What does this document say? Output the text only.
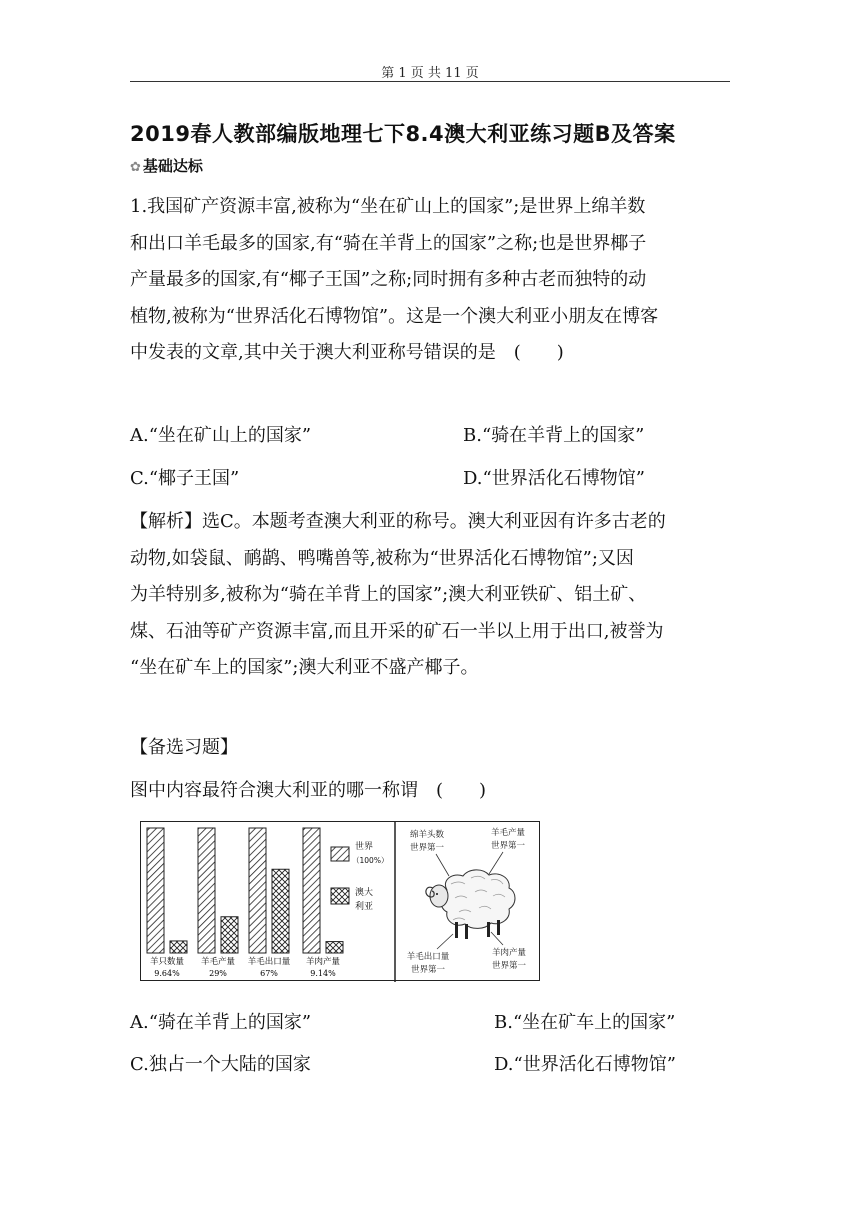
第 1 页 共 11 页
2019春人教部编版地理七下8.4澳大利亚练习题B及答案
✿ 基础达标

1.我国矿产资源丰富,被称为“坐在矿山上的国家”;是世界上绵羊数

和出口羊毛最多的国家,有“骑在羊背上的国家”之称;也是世界椰子

产量最多的国家,有“椰子王国”之称;同时拥有多种古老而独特的动

植物,被称为“世界活化石博物馆”。这是一个澳大利亚小朋友在博客

中发表的文章,其中关于澳大利亚称号错误的是　(　　)

A.“坐在矿山上的国家”	B.“骑在羊背上的国家”
C.“椰子王国”	D.“世界活化石博物馆”

【解析】选C。本题考查澳大利亚的称号。澳大利亚因有许多古老的

动物,如袋鼠、鸸鹋、鸭嘴兽等,被称为“世界活化石博物馆”;又因

为羊特别多,被称为“骑在羊背上的国家”;澳大利亚铁矿、铝土矿、

煤、石油等矿产资源丰富,而且开采的矿石一半以上用于出口,被誉为

“坐在矿车上的国家”;澳大利亚不盛产椰子。

【备选习题】
图中内容最符合澳大利亚的哪一称谓　(　　)
羊只数量
9.64%
羊毛产量
29%
羊毛出口量
67%
羊肉产量
9.14%
世界
（100%）
澳大
利亚
绵羊头数
世界第一
羊毛产量
世界第一
羊毛出口量
世界第一
羊肉产量
世界第一
A.“骑在羊背上的国家”	B.“坐在矿车上的国家”
C.独占一个大陆的国家	D.“世界活化石博物馆”
